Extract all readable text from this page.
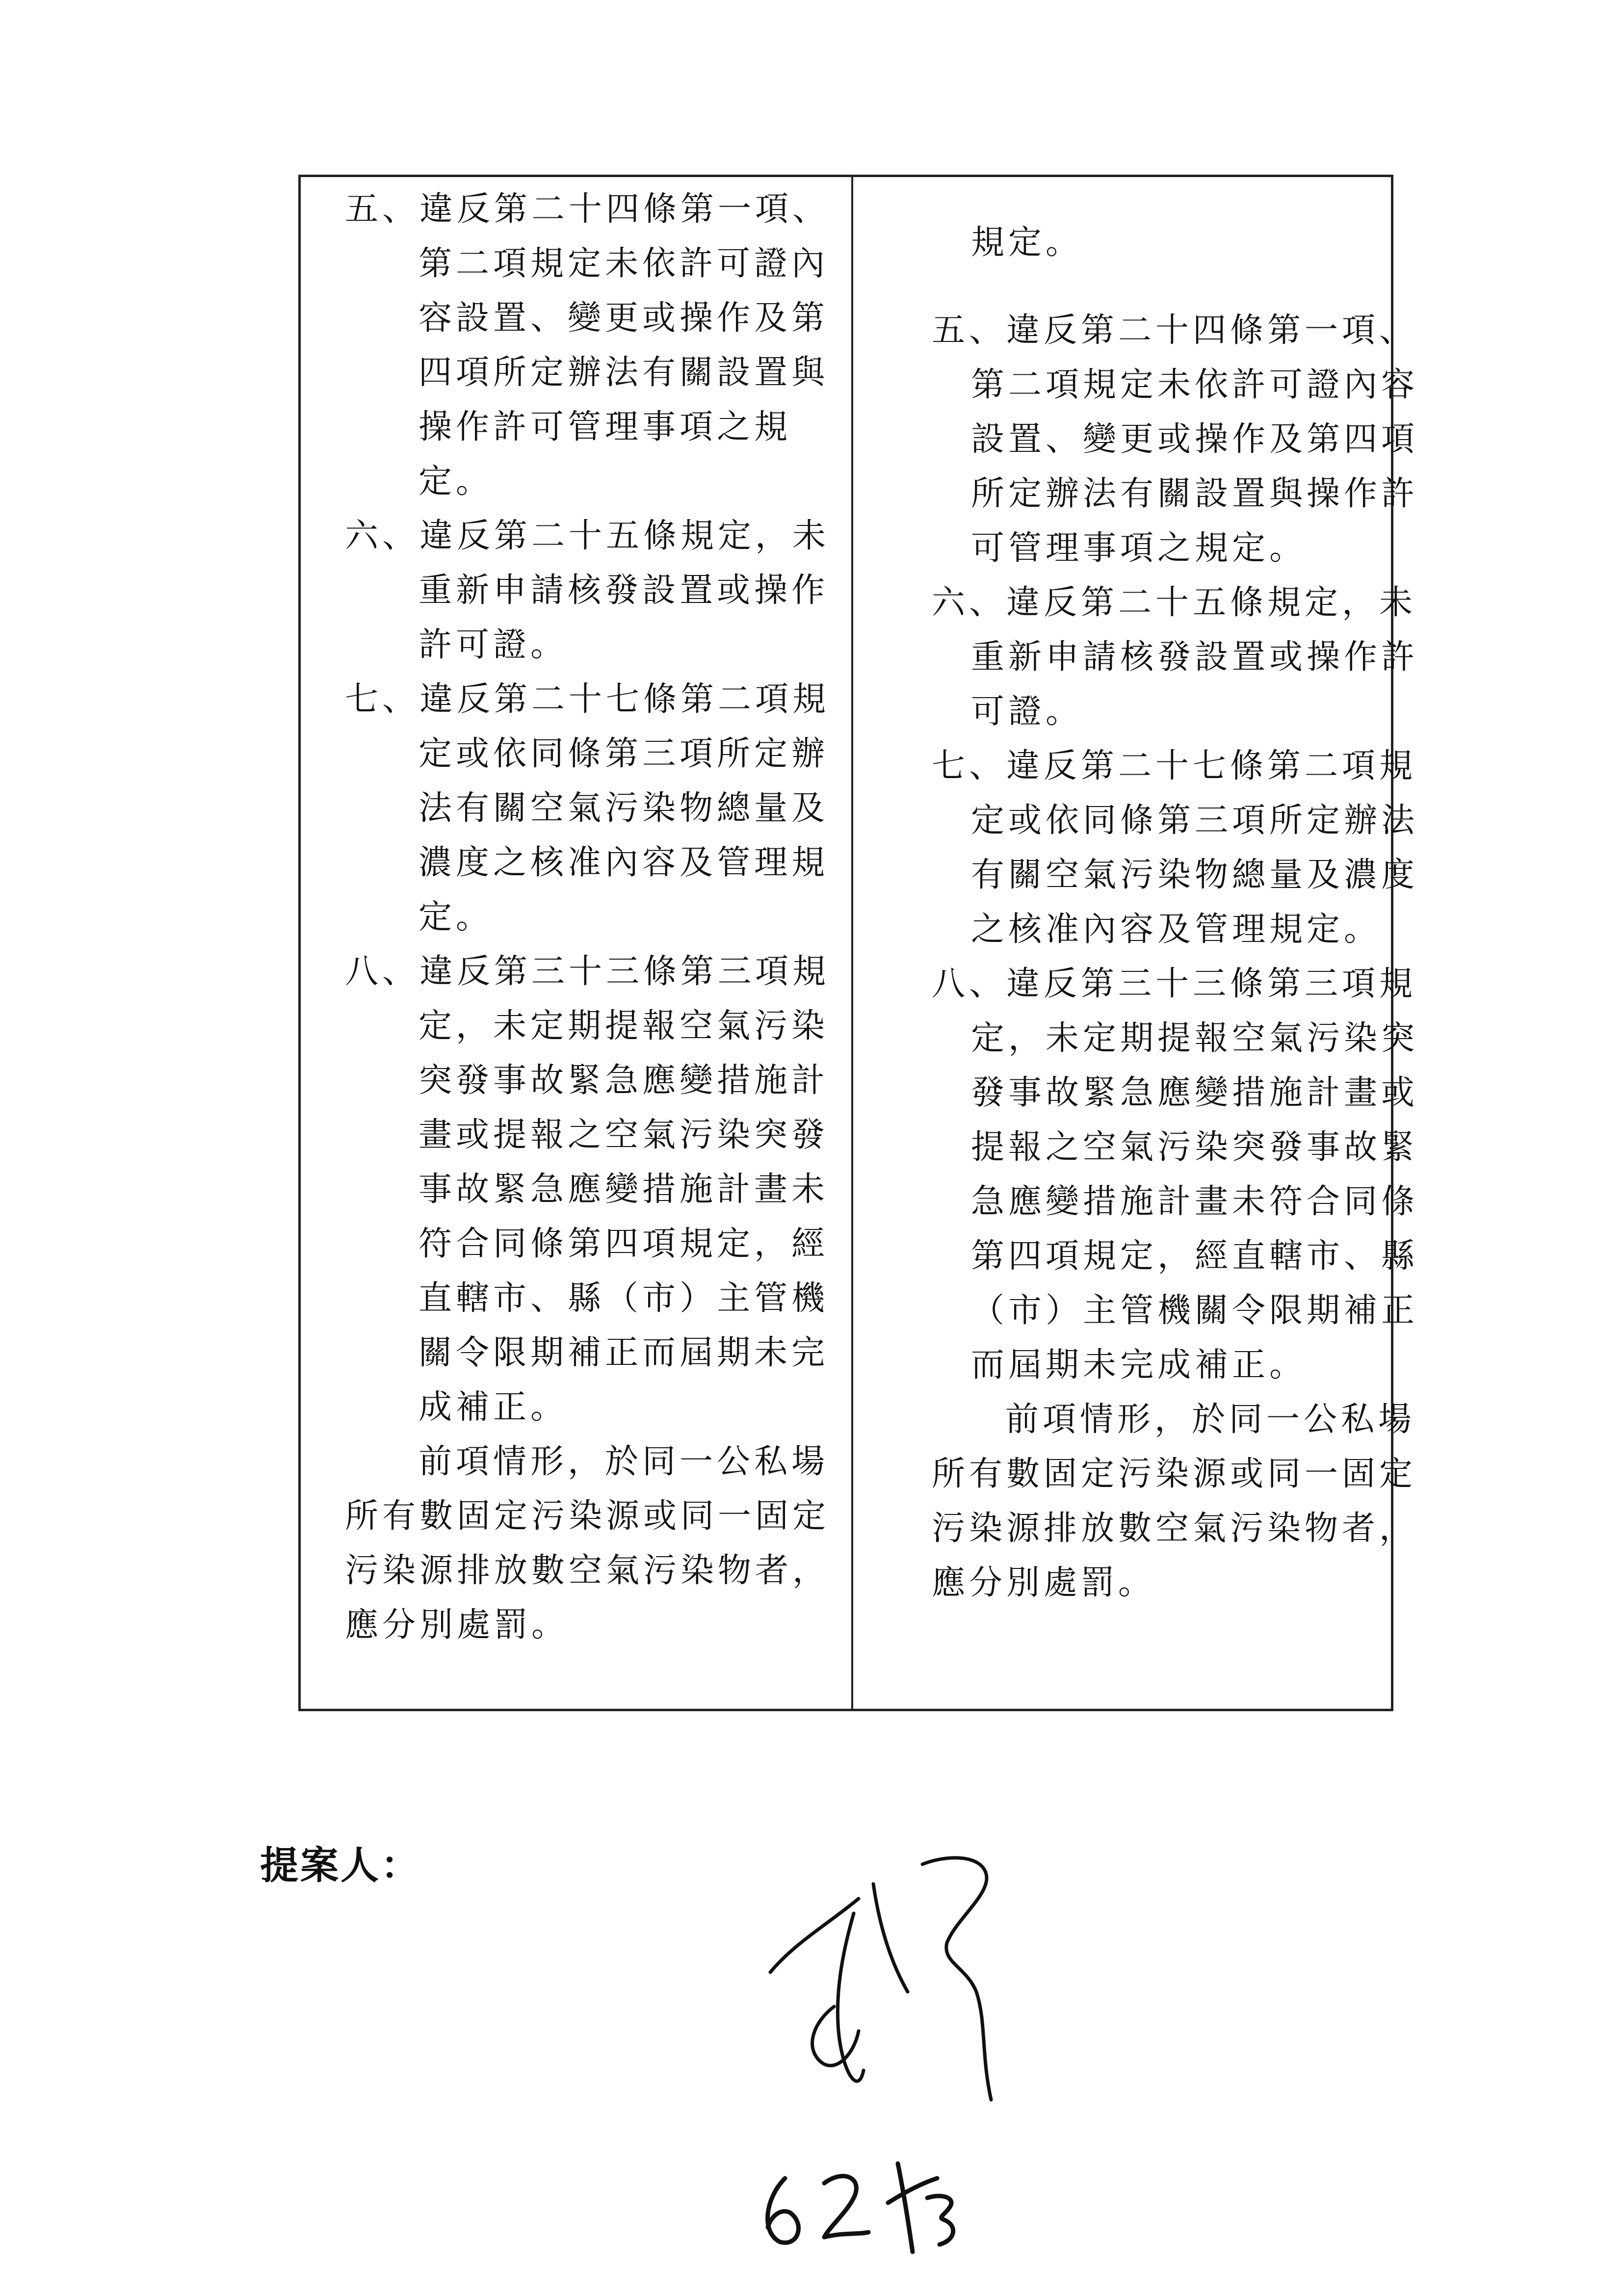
五、違反第二十四條第一項、第二項規定未依許可證內容設置、變更或操作及第四項所定辦法有關設置與操作許可管理事項之規定。

六、違反第二十五條規定，未重新申請核發設置或操作許可證。

七、違反第二十七條第二項規定或依同條第三項所定辦法有關空氣污染物總量及濃度之核准內容及管理規定。

八、違反第三十三條第三項規定，未定期提報空氣污染突發事故緊急應變措施計畫或提報之空氣污染突發事故緊急應變措施計畫未符合同條第四項規定，經直轄市、縣（市）主管機關令限期補正而屆期未完成補正。

前項情形，於同一公私場所有數固定污染源或同一固定污染源排放數空氣污染物者，應分別處罰。

規定。

五、違反第二十四條第一項、第二項規定未依許可證內容設置、變更或操作及第四項所定辦法有關設置與操作許可管理事項之規定。

六、違反第二十五條規定，未重新申請核發設置或操作許可證。

七、違反第二十七條第二項規定或依同條第三項所定辦法有關空氣污染物總量及濃度之核准內容及管理規定。

八、違反第三十三條第三項規定，未定期提報空氣污染突發事故緊急應變措施計畫或提報之空氣污染突發事故緊急應變措施計畫未符合同條第四項規定，經直轄市、縣（市）主管機關令限期補正而屆期未完成補正。

前項情形，於同一公私場所有數固定污染源或同一固定污染源排放數空氣污染物者，應分別處罰。

提案人：
